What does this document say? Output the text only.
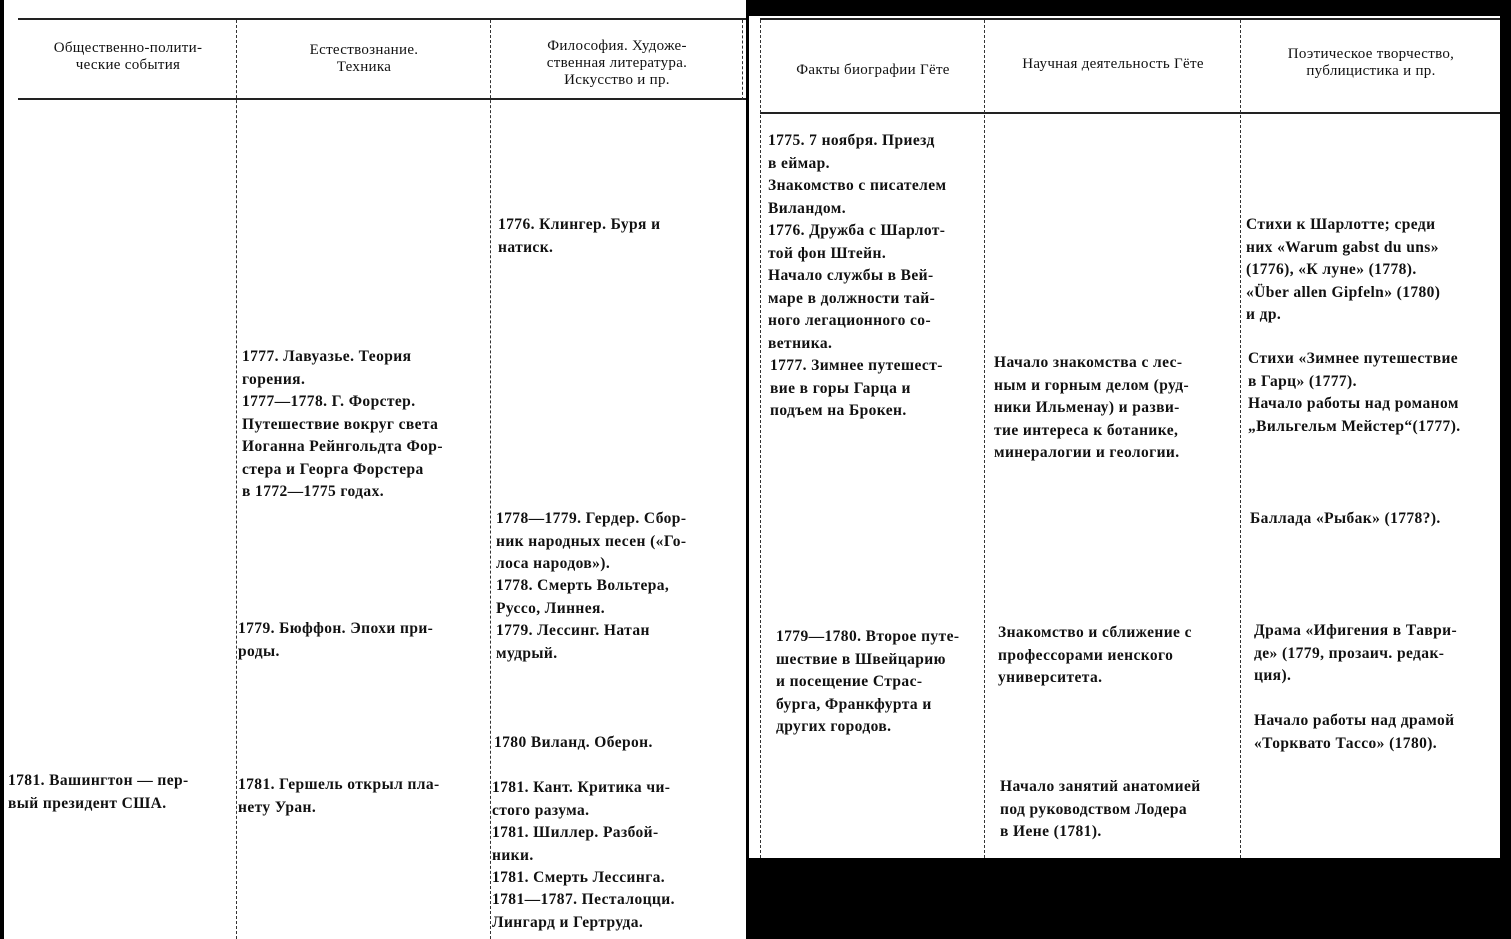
Общественно-полити-
ческие события
Естествознание.
Техника
Философия. Художе-
ственная литература.
Искусство и пр.
Факты биографии Гёте	Научная деятельность Гёте
Поэтическое творчество,
публицистика и пр.
1781. Вашингтон — пер-
вый президент США.
1777. Лавуазье. Теория
горения.
1777—1778. Г. Форстер.
Путешествие вокруг света
Иоганна Рейнгольдта Фор-
стера и Георга Форстера
в 1772—1775 годах.
1779. Бюффон. Эпохи при-
роды.
1781. Гершель открыл пла-
нету Уран.
1776. Клингер. Буря и
натиск.
1778—1779. Гердер. Сбор-
ник народных песен («Го-
лоса народов»).
1778. Смерть Вольтера,
Руссо, Линнея.
1779. Лессинг. Натан
мудрый.
1780 Виланд. Оберон.
1781. Кант. Критика чи-
стого разума.
1781. Шиллер. Разбой-
ники.
1781. Смерть Лессинга.
1781—1787. Песталоцци.
Лингард и Гертруда.
1775. 7 ноября. Приезд
в еймар.
Знакомство с писателем
Виландом.
1776. Дружба с Шарлот-
той фон Штейн.
Начало службы в Вей-
маре в должности тай-
ного легационного со-
ветника.
1777. Зимнее путешест-
вие в горы Гарца и
подъем на Брокен.
1779—1780. Второе путе-
шествие в Швейцарию
и посещение Страс-
бурга, Франкфурта и
других городов.
Начало знакомства с лес-
ным и горным делом (руд-
ники Ильменау) и разви-
тие интереса к ботанике,
минералогии и геологии.
Знакомство и сближение с
профессорами иенского
университета.
Начало занятий анатомией
под руководством Лодера
в Иене (1781).
Стихи к Шарлотте; среди
них «Warum gabst du uns»
(1776), «К луне» (1778).
«Über allen Gipfeln» (1780)
и др.
Стихи «Зимнее путешествие
в Гарц» (1777).
Начало работы над романом
„Вильгельм Мейстер“(1777).
Баллада «Рыбак» (1778?).
Драма «Ифигения в Таври-
де» (1779, прозаич. редак-
ция).
Начало работы над драмой
«Торквато Тассо» (1780).
